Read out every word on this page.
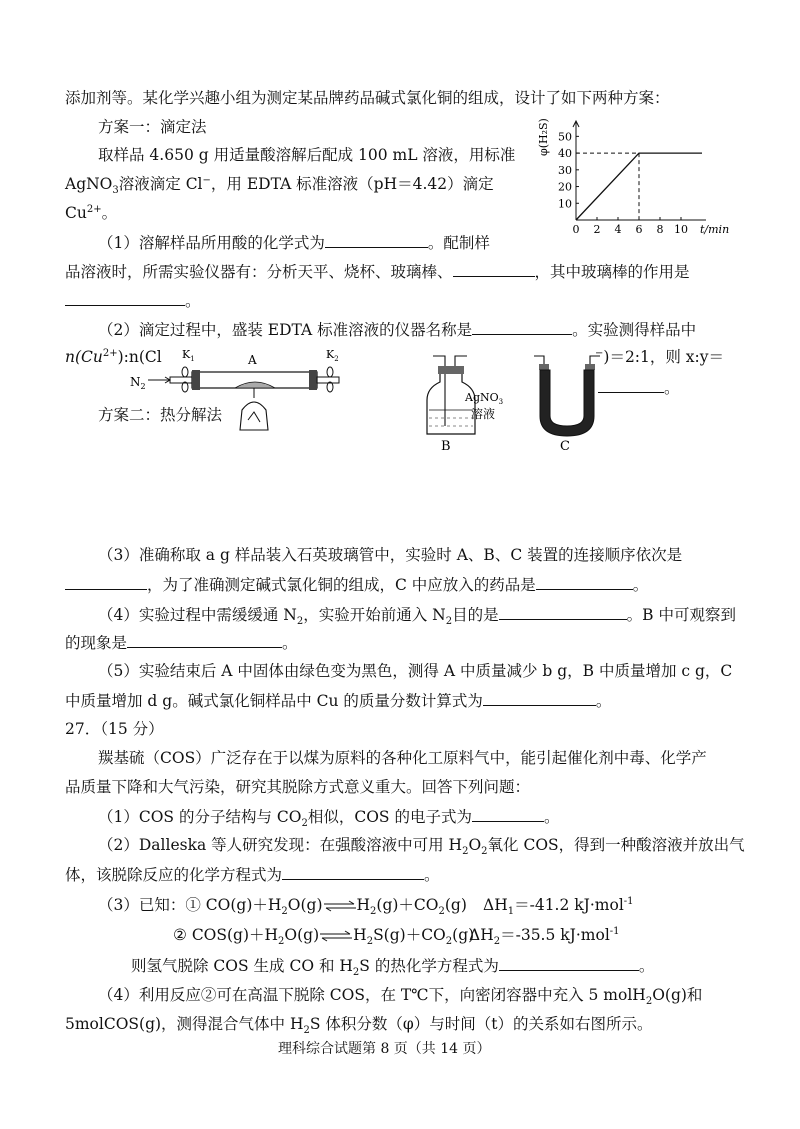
添加剂等。某化学兴趣小组为测定某品牌药品碱式氯化铜的组成，设计了如下两种方案：
方案一：滴定法
取样品 4.650 g 用适量酸溶解后配成 100 mL 溶液，用标准
AgNO$_3$溶液滴定 Cl−，用 EDTA 标准溶液（pH＝4.42）滴定
$Cu^{2+}$。
（1）溶解样品所用酸的化学式为	。配制样
品溶液时，所需实验仪器有：分析天平、烧杯、玻璃棒、	，其中玻璃棒的作用是
。
（2）滴定过程中，盛装 EDTA 标准溶液的仪器名称是	。实验测得样品中
$n(Cu^{2+}):n(Cl$	−)＝2:1，则 x:y＝
。
方案二：热分解法
（3）准确称取 a g 样品装入石英玻璃管中，实验时 A、B、C 装置的连接顺序依次是
，为了准确测定碱式氯化铜的组成，C 中应放入的药品是	。
（4）实验过程中需缓缓通 $N_2$，实验开始前通入 $N_2$目的是	。B 中可观察到
的现象是	。
（5）实验结束后 A 中固体由绿色变为黑色，测得 A 中质量减少 b g，B 中质量增加 c g，C
中质量增加 d g。碱式氯化铜样品中 Cu 的质量分数计算式为	。
27．（15 分）
羰基硫（COS）广泛存在于以煤为原料的各种化工原料气中，能引起催化剂中毒、化学产
品质量下降和大气污染，研究其脱除方式意义重大。回答下列问题：
（1）COS 的分子结构与 $CO_2$相似，COS 的电子式为	。
（2）Dalleska 等人研究发现：在强酸溶液中可用 $H_2O_2$氧化 COS，得到一种酸溶液并放出气
体，该脱除反应的化学方程式为	。
（3）已知：① $CO(g)+H_2O(g)\rightleftharpoons H_2(g)+CO_2(g)$ $\Delta H_1=-41.2$ kJ·mol$^{-1}$
② $COS(g)+H_2O(g)\rightleftharpoons H_2S(g)+CO_2(g)$
$\Delta H_2=-35.5$ kJ·mol$^{-1}$
则氢气脱除 COS 生成 CO 和 $H_2S$ 的热化学方程式为	。
（4）利用反应②可在高温下脱除 COS，在 T℃下，向密闭容器中充入 5 molH$_2$O(g)和
5molCOS(g)，测得混合气体中 $H_2S$ 体积分数（φ）与时间（t）的关系如右图所示。
理科综合试题第 8 页（共 14 页）
0 2 4 6 8 10
10
20
30
40
50
t/min
φ(H₂S)
$N_2$
$K_1$	A	$K_2$
AgNO$_3$
溶液
B	C
